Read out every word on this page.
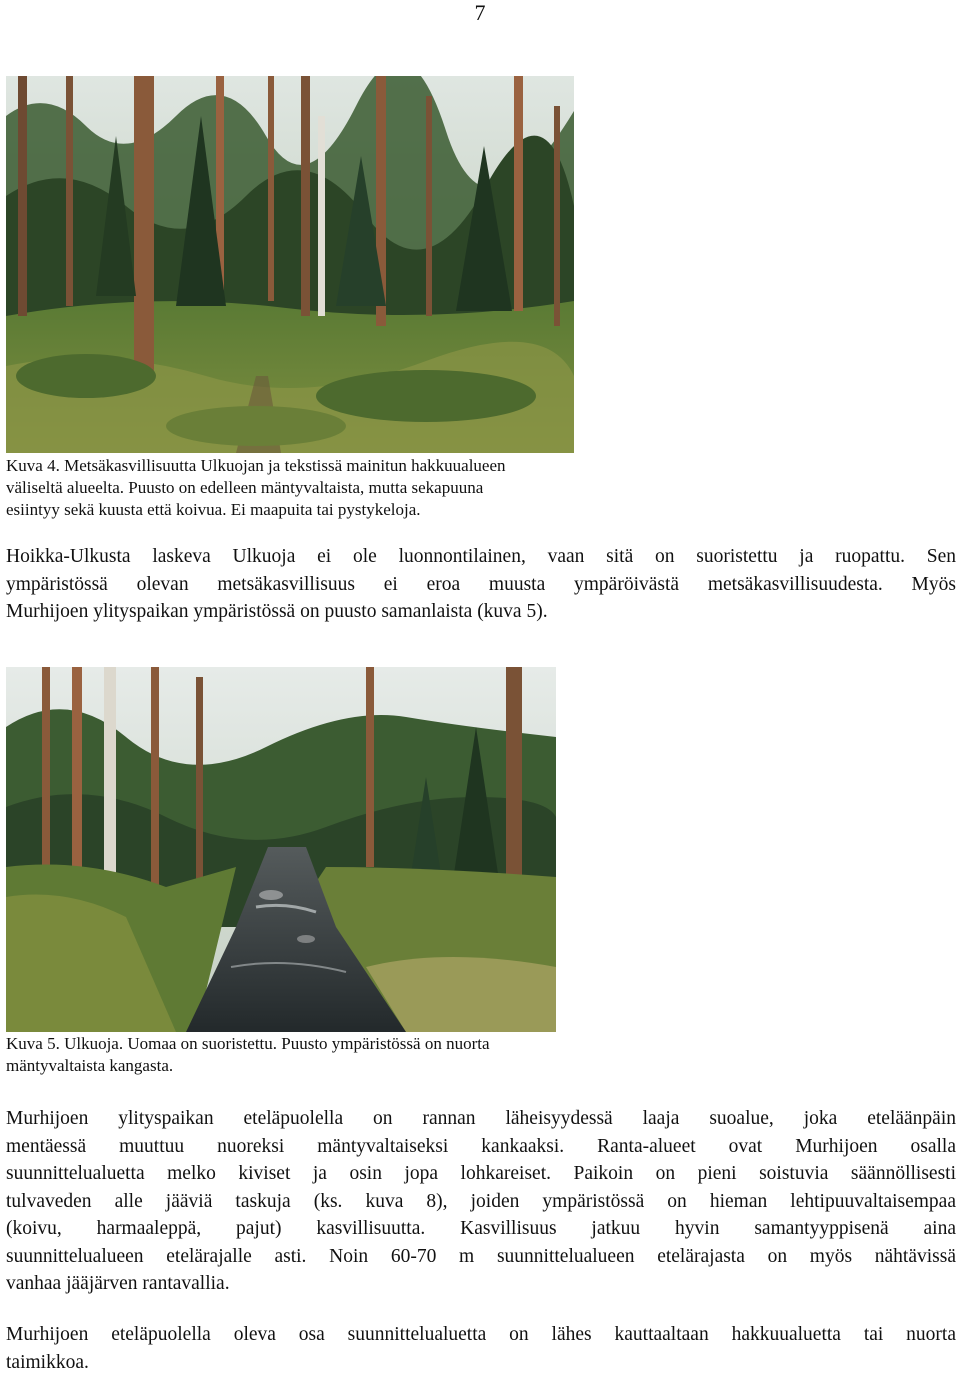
7
Kuva 4. Metsäkasvillisuutta Ulkuojan ja tekstissä mainitun hakkuualueen
väliseltä alueelta. Puusto on edelleen mäntyvaltaista, mutta sekapuuna
esiintyy sekä kuusta että koivua. Ei maapuita tai pystykeloja.
Hoikka-Ulkusta laskeva Ulkuoja ei ole luonnontilainen, vaan sitä on suoristettu ja ruopattu. Sen
ympäristössä olevan metsäkasvillisuus ei eroa muusta ympäröivästä metsäkasvillisuudesta. Myös
Murhijoen ylityspaikan ympäristössä on puusto samanlaista (kuva 5).
Kuva 5. Ulkuoja. Uomaa on suoristettu. Puusto ympäristössä on nuorta
mäntyvaltaista kangasta.
Murhijoen ylityspaikan eteläpuolella on rannan läheisyydessä laaja suoalue, joka eteläänpäin
mentäessä muuttuu nuoreksi mäntyvaltaiseksi kankaaksi. Ranta-alueet ovat Murhijoen osalla
suunnittelualuetta melko kiviset ja osin jopa lohkareiset. Paikoin on pieni soistuvia säännöllisesti
tulvaveden alle jääviä taskuja (ks. kuva 8), joiden ympäristössä on hieman lehtipuuvaltaisempaa
(koivu, harmaaleppä, pajut) kasvillisuutta. Kasvillisuus jatkuu hyvin samantyyppisenä aina
suunnittelualueen etelärajalle asti. Noin 60-70 m suunnittelualueen etelärajasta on myös nähtävissä
vanhaa jääjärven rantavallia.
Murhijoen eteläpuolella oleva osa suunnittelualuetta on lähes kauttaaltaan hakkuualuetta tai nuorta
taimikkoa.
